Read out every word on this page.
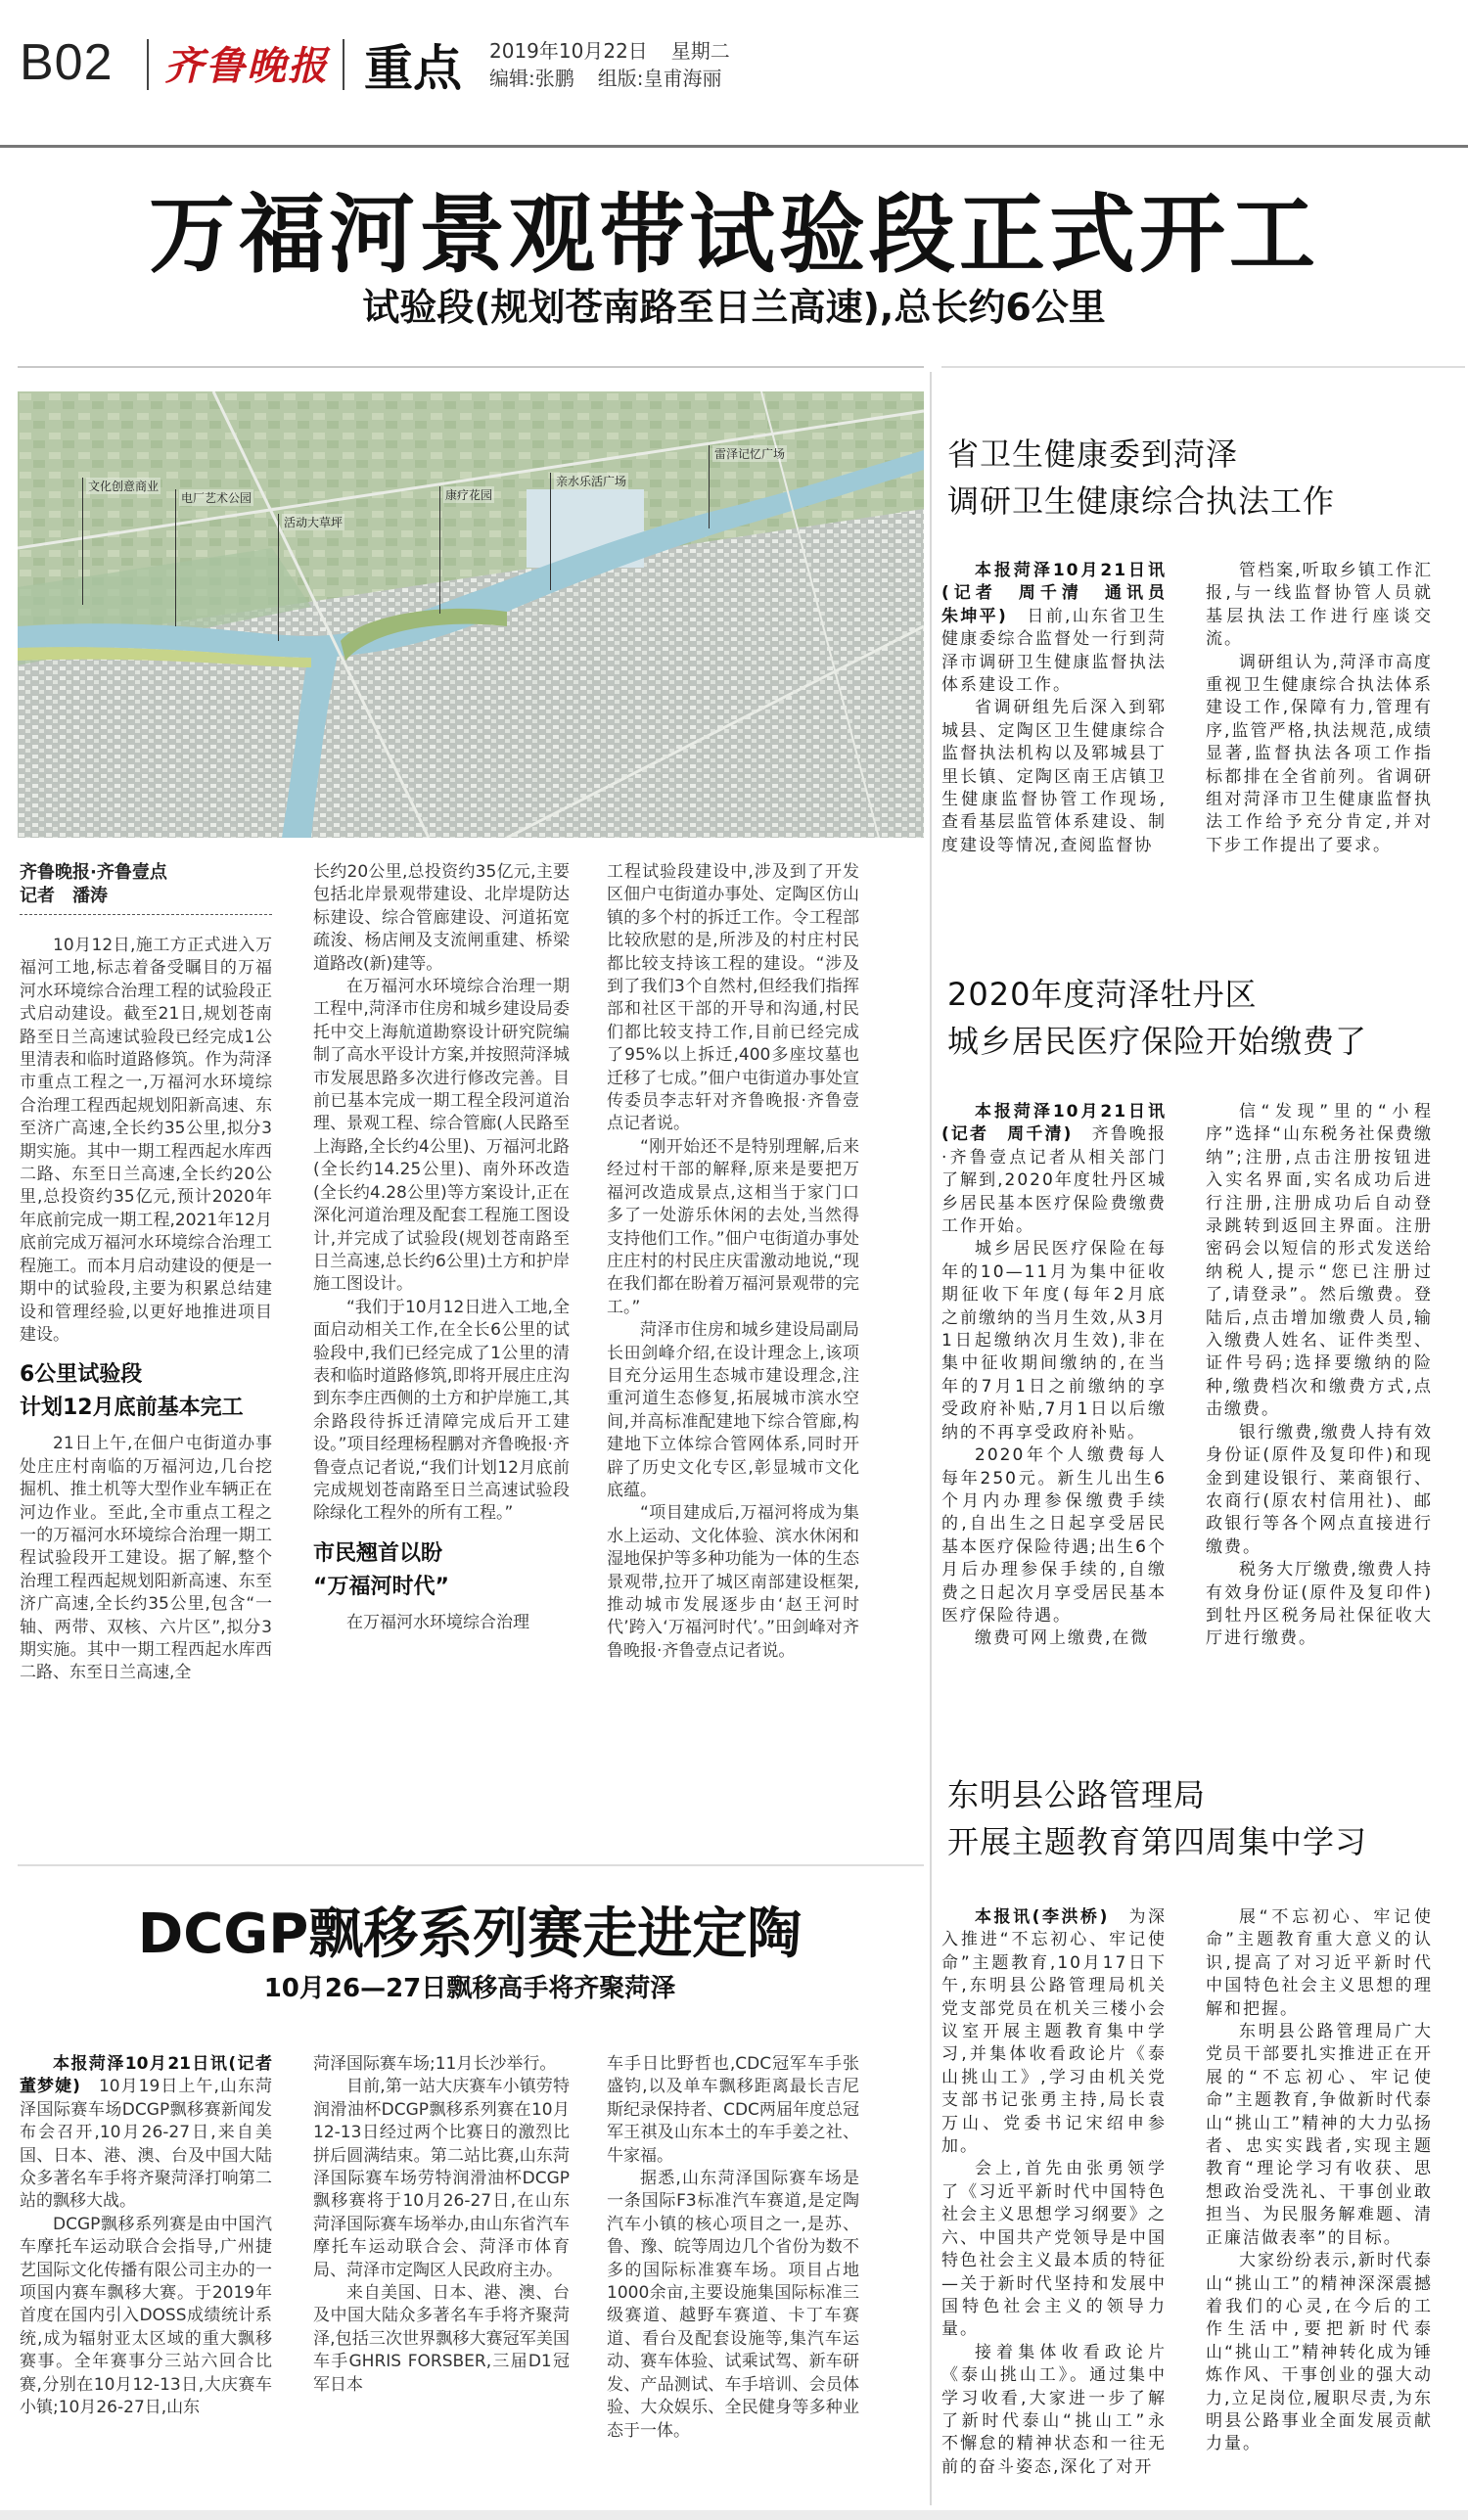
B02 齐鲁晚报 重点 2019年10月22日 星期二
编辑:张鹏 组版:皇甫海丽
万福河景观带试验段正式开工
试验段(规划苍南路至日兰高速),总长约6公里
文化创意商业
电厂艺术公园
活动大草坪
康疗花园
亲水乐活广场
雷泽记忆广场
齐鲁晚报·齐鲁壹点
记者　潘涛

10月12日,施工方正式进入万福河工地,标志着备受瞩目的万福河水环境综合治理工程的试验段正式启动建设。截至21日,规划苍南路至日兰高速试验段已经完成1公里清表和临时道路修筑。作为菏泽市重点工程之一,万福河水环境综合治理工程西起规划阳新高速、东至济广高速,全长约35公里,拟分3期实施。其中一期工程西起水库西二路、东至日兰高速,全长约20公里,总投资约35亿元,预计2020年年底前完成一期工程,2021年12月底前完成万福河水环境综合治理工程施工。而本月启动建设的便是一期中的试验段,主要为积累总结建设和管理经验,以更好地推进项目建设。

6公里试验段
计划12月底前基本完工

21日上午,在佃户屯街道办事处庄庄村南临的万福河边,几台挖掘机、推土机等大型作业车辆正在河边作业。至此,全市重点工程之一的万福河水环境综合治理一期工程试验段开工建设。据了解,整个治理工程西起规划阳新高速、东至济广高速,全长约35公里,包含“一轴、两带、双核、六片区”,拟分3期实施。其中一期工程西起水库西二路、东至日兰高速,全

长约20公里,总投资约35亿元,主要包括北岸景观带建设、北岸堤防达标建设、综合管廊建设、河道拓宽疏浚、杨店闸及支流闸重建、桥梁道路改(新)建等。

在万福河水环境综合治理一期工程中,菏泽市住房和城乡建设局委托中交上海航道勘察设计研究院编制了高水平设计方案,并按照菏泽城市发展思路多次进行修改完善。目前已基本完成一期工程全段河道治理、景观工程、综合管廊(人民路至上海路,全长约4公里)、万福河北路(全长约14.25公里)、南外环改造(全长约4.28公里)等方案设计,正在深化河道治理及配套工程施工图设计,并完成了试验段(规划苍南路至日兰高速,总长约6公里)土方和护岸施工图设计。

“我们于10月12日进入工地,全面启动相关工作,在全长6公里的试验段中,我们已经完成了1公里的清表和临时道路修筑,即将开展庄庄沟到东李庄西侧的土方和护岸施工,其余路段待拆迁清障完成后开工建设。”项目经理杨程鹏对齐鲁晚报·齐鲁壹点记者说,“我们计划12月底前完成规划苍南路至日兰高速试验段除绿化工程外的所有工程。”

市民翘首以盼
“万福河时代”

在万福河水环境综合治理

工程试验段建设中,涉及到了开发区佃户屯街道办事处、定陶区仿山镇的多个村的拆迁工作。令工程部比较欣慰的是,所涉及的村庄村民都比较支持该工程的建设。“涉及到了我们3个自然村,但经我们指挥部和社区干部的开导和沟通,村民们都比较支持工作,目前已经完成了95%以上拆迁,400多座坟墓也迁移了七成。”佃户屯街道办事处宣传委员李志轩对齐鲁晚报·齐鲁壹点记者说。

“刚开始还不是特别理解,后来经过村干部的解释,原来是要把万福河改造成景点,这相当于家门口多了一处游乐休闲的去处,当然得支持他们工作。”佃户屯街道办事处庄庄村的村民庄庆雷激动地说,“现在我们都在盼着万福河景观带的完工。”

菏泽市住房和城乡建设局副局长田剑峰介绍,在设计理念上,该项目充分运用生态城市建设理念,注重河道生态修复,拓展城市滨水空间,并高标准配建地下综合管廊,构建地下立体综合管网体系,同时开辟了历史文化专区,彰显城市文化底蕴。

“项目建成后,万福河将成为集水上运动、文化体验、滨水休闲和湿地保护等多种功能为一体的生态景观带,拉开了城区南部建设框架,推动城市发展逐步由‘赵王河时代’跨入‘万福河时代’。”田剑峰对齐鲁晚报·齐鲁壹点记者说。

DCGP飘移系列赛走进定陶
10月26—27日飘移高手将齐聚菏泽

本报菏泽10月21日讯(记者　董梦婕)　 10月19日上午,山东菏泽国际赛车场DCGP飘移赛新闻发布会召开,10月26-27日,来自美国、日本、港、澳、台及中国大陆众多著名车手将齐聚菏泽打响第二站的飘移大战。

DCGP飘移系列赛是由中国汽车摩托车运动联合会指导,广州捷艺国际文化传播有限公司主办的一项国内赛车飘移大赛。于2019年首度在国内引入DOSS成绩统计系统,成为辐射亚太区域的重大飘移赛事。全年赛事分三站六回合比赛,分别在10月12-13日,大庆赛车小镇;10月26-27日,山东

菏泽国际赛车场;11月长沙举行。

目前,第一站大庆赛车小镇劳特润滑油杯DCGP飘移系列赛在10月12-13日经过两个比赛日的激烈比拼后圆满结束。第二站比赛,山东菏泽国际赛车场劳特润滑油杯DCGP飘移赛将于10月26-27日,在山东菏泽国际赛车场举办,由山东省汽车摩托车运动联合会、菏泽市体育局、菏泽市定陶区人民政府主办。

来自美国、日本、港、澳、台及中国大陆众多著名车手将齐聚菏泽,包括三次世界飘移大赛冠军美国车手GHRIS FORSBER,三届D1冠军日本

车手日比野哲也,CDC冠军车手张盛钧,以及单车飘移距离最长吉尼斯纪录保持者、CDC两届年度总冠军王祺及山东本土的车手姜之社、牛家福。

据悉,山东菏泽国际赛车场是一条国际F3标准汽车赛道,是定陶汽车小镇的核心项目之一,是苏、鲁、豫、皖等周边几个省份为数不多的国际标准赛车场。项目占地1000余亩,主要设施集国际标准三级赛道、越野车赛道、卡丁车赛道、看台及配套设施等,集汽车运动、赛车体验、试乘试驾、新车研发、产品测试、车手培训、会员体验、大众娱乐、全民健身等多种业态于一体。

省卫生健康委到菏泽
调研卫生健康综合执法工作

本报菏泽10月21日讯(记者　周千清　通讯员　朱坤平)　 日前,山东省卫生健康委综合监督处一行到菏泽市调研卫生健康监督执法体系建设工作。

省调研组先后深入到郓城县、定陶区卫生健康综合监督执法机构以及郓城县丁里长镇、定陶区南王店镇卫生健康监督协管工作现场,查看基层监管体系建设、制度建设等情况,查阅监督协

管档案,听取乡镇工作汇报,与一线监督协管人员就基层执法工作进行座谈交流。

调研组认为,菏泽市高度重视卫生健康综合执法体系建设工作,保障有力,管理有序,监管严格,执法规范,成绩显著,监督执法各项工作指标都排在全省前列。省调研组对菏泽市卫生健康监督执法工作给予充分肯定,并对下步工作提出了要求。

2020年度菏泽牡丹区
城乡居民医疗保险开始缴费了

本报菏泽10月21日讯(记者　周千清)　 齐鲁晚报·齐鲁壹点记者从相关部门了解到,2020年度牡丹区城乡居民基本医疗保险费缴费工作开始。

城乡居民医疗保险在每年的10—11月为集中征收期征收下年度(每年2月底之前缴纳的当月生效,从3月1日起缴纳次月生效),非在集中征收期间缴纳的,在当年的7月1日之前缴纳的享受政府补贴,7月1日以后缴纳的不再享受政府补贴。

2020年个人缴费每人每年250元。新生儿出生6个月内办理参保缴费手续的,自出生之日起享受居民基本医疗保险待遇;出生6个月后办理参保手续的,自缴费之日起次月享受居民基本医疗保险待遇。

缴费可网上缴费,在微

信“发现”里的“小程序”选择“山东税务社保费缴纳”;注册,点击注册按钮进入实名界面,实名成功后进行注册,注册成功后自动登录跳转到返回主界面。注册密码会以短信的形式发送给纳税人,提示“您已注册过了,请登录”。然后缴费。登陆后,点击增加缴费人员,输入缴费人姓名、证件类型、证件号码;选择要缴纳的险种,缴费档次和缴费方式,点击缴费。

银行缴费,缴费人持有效身份证(原件及复印件)和现金到建设银行、莱商银行、农商行(原农村信用社)、邮政银行等各个网点直接进行缴费。

税务大厅缴费,缴费人持有效身份证(原件及复印件)到牡丹区税务局社保征收大厅进行缴费。

东明县公路管理局
开展主题教育第四周集中学习

本报讯(李洪桥)　 为深入推进“不忘初心、牢记使命”主题教育,10月17日下午,东明县公路管理局机关党支部党员在机关三楼小会议室开展主题教育集中学习,并集体收看政论片《泰山挑山工》,学习由机关党支部书记张勇主持,局长袁万山、党委书记宋绍申参加。

会上,首先由张勇领学了《习近平新时代中国特色社会主义思想学习纲要》之六、中国共产党领导是中国特色社会主义最本质的特征—关于新时代坚持和发展中国特色社会主义的领导力量。

接着集体收看政论片《泰山挑山工》。通过集中学习收看,大家进一步了解了新时代泰山“挑山工”永不懈怠的精神状态和一往无前的奋斗姿态,深化了对开

展“不忘初心、牢记使命”主题教育重大意义的认识,提高了对习近平新时代中国特色社会主义思想的理解和把握。

东明县公路管理局广大党员干部要扎实推进正在开展的“不忘初心、牢记使命”主题教育,争做新时代泰山“挑山工”精神的大力弘扬者、忠实实践者,实现主题教育“理论学习有收获、思想政治受洗礼、干事创业敢担当、为民服务解难题、清正廉洁做表率”的目标。

大家纷纷表示,新时代泰山“挑山工”的精神深深震撼着我们的心灵,在今后的工作生活中,要把新时代泰山“挑山工”精神转化成为锤炼作风、干事创业的强大动力,立足岗位,履职尽责,为东明县公路事业全面发展贡献力量。
